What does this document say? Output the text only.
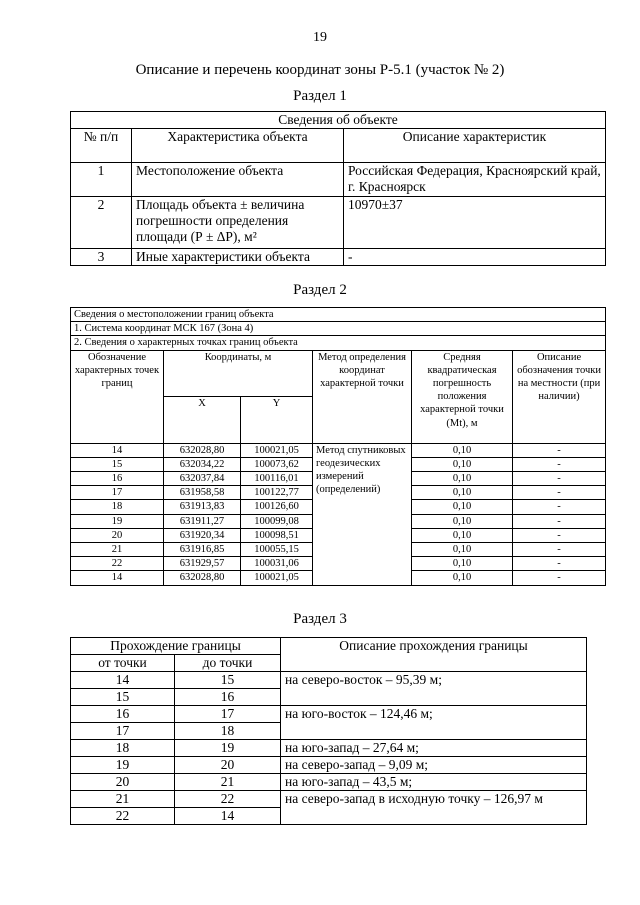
19
Описание и перечень координат зоны Р-5.1 (участок № 2)
Раздел 1
Сведения об объекте		
№ п/п	Характеристика объекта	Описание характеристик
1	Местоположение объекта	Российская Федерация, Красноярский край, г. Красноярск
2	Площадь объекта ± величина погрешности определения площади (Р ± ΔР), м²	10970±37
3	Иные характеристики объекта	-
Раздел 2
Сведения о местоположении границ объекта					
1. Система координат МСК 167 (Зона 4)					
2. Сведения о характерных точках границ объекта					
Обозначение характерных точек границ	Координаты, м		Метод определения координат характерной точки	Средняя квадратическая погрешность положения характерной точки (Mt), м	Описание обозначения точки на местности (при наличии)
	X	Y			
14	632028,80	100021,05	Метод спутниковых геодезических измерений (определений)	0,10	-
15	632034,22	100073,62		0,10	-
16	632037,84	100116,01		0,10	-
17	631958,58	100122,77		0,10	-
18	631913,83	100126,60		0,10	-
19	631911,27	100099,08		0,10	-
20	631920,34	100098,51		0,10	-
21	631916,85	100055,15		0,10	-
22	631929,57	100031,06		0,10	-
14	632028,80	100021,05		0,10	-
Раздел 3
Прохождение границы		Описание прохождения границы
от точки	до точки	
14	15	на северо-восток – 95,39 м;
15	16	
16	17	на юго-восток – 124,46 м;
17	18	
18	19	на юго-запад – 27,64 м;
19	20	на северо-запад – 9,09 м;
20	21	на юго-запад – 43,5 м;
21	22	на северо-запад в исходную точку – 126,97 м
22	14	
